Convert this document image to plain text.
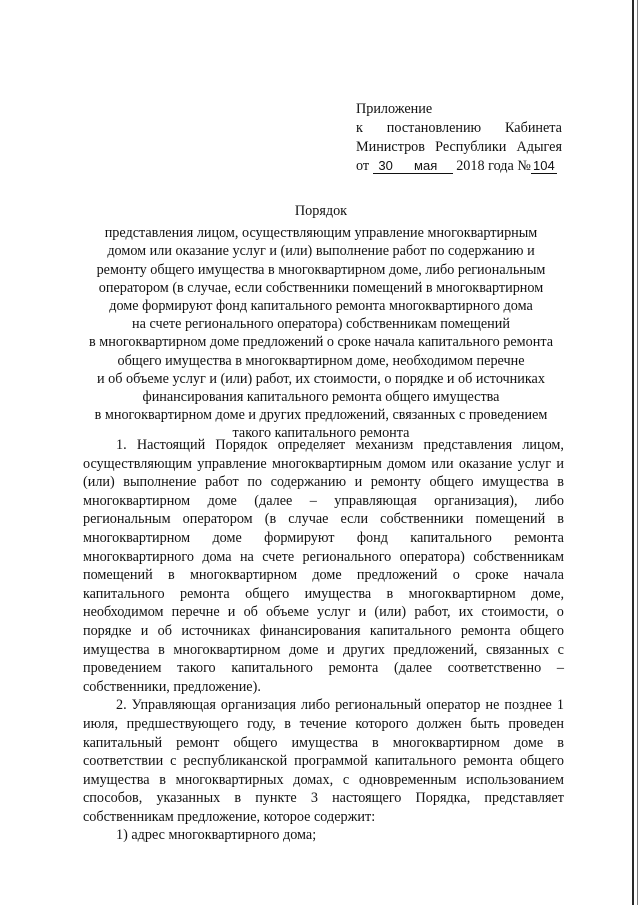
Приложение
к постановлению Кабинета
Министров Республики Адыгея
от 30 мая 2018 года № 104
Порядок
представления лицом, осуществляющим управление многоквартирным
домом или оказание услуг и (или) выполнение работ по содержанию и
ремонту общего имущества в многоквартирном доме, либо региональным
оператором (в случае, если собственники помещений в многоквартирном
доме формируют фонд капитального ремонта многоквартирного дома
на счете регионального оператора) собственникам помещений
в многоквартирном доме предложений о сроке начала капитального ремонта
общего имущества в многоквартирном доме, необходимом перечне
и об объеме услуг и (или) работ, их стоимости, о порядке и об источниках
финансирования капитального ремонта общего имущества
в многоквартирном доме и других предложений, связанных с проведением
такого капитального ремонта
1. Настоящий Порядок определяет механизм представления лицом,
осуществляющим управление многоквартирным домом или оказание услуг и
(или) выполнение работ по содержанию и ремонту общего имущества в
многоквартирном доме (далее – управляющая организация), либо
региональным оператором (в случае если собственники помещений в
многоквартирном доме формируют фонд капитального ремонта
многоквартирного дома на счете регионального оператора) собственникам
помещений в многоквартирном доме предложений о сроке начала
капитального ремонта общего имущества в многоквартирном доме,
необходимом перечне и об объеме услуг и (или) работ, их стоимости, о
порядке и об источниках финансирования капитального ремонта общего
имущества в многоквартирном доме и других предложений, связанных с
проведением такого капитального ремонта (далее соответственно –
собственники, предложение).
2. Управляющая организация либо региональный оператор не позднее 1
июля, предшествующего году, в течение которого должен быть проведен
капитальный ремонт общего имущества в многоквартирном доме в
соответствии с республиканской программой капитального ремонта общего
имущества в многоквартирных домах, с одновременным использованием
способов, указанных в пункте 3 настоящего Порядка, представляет
собственникам предложение, которое содержит:
1) адрес многоквартирного дома;
